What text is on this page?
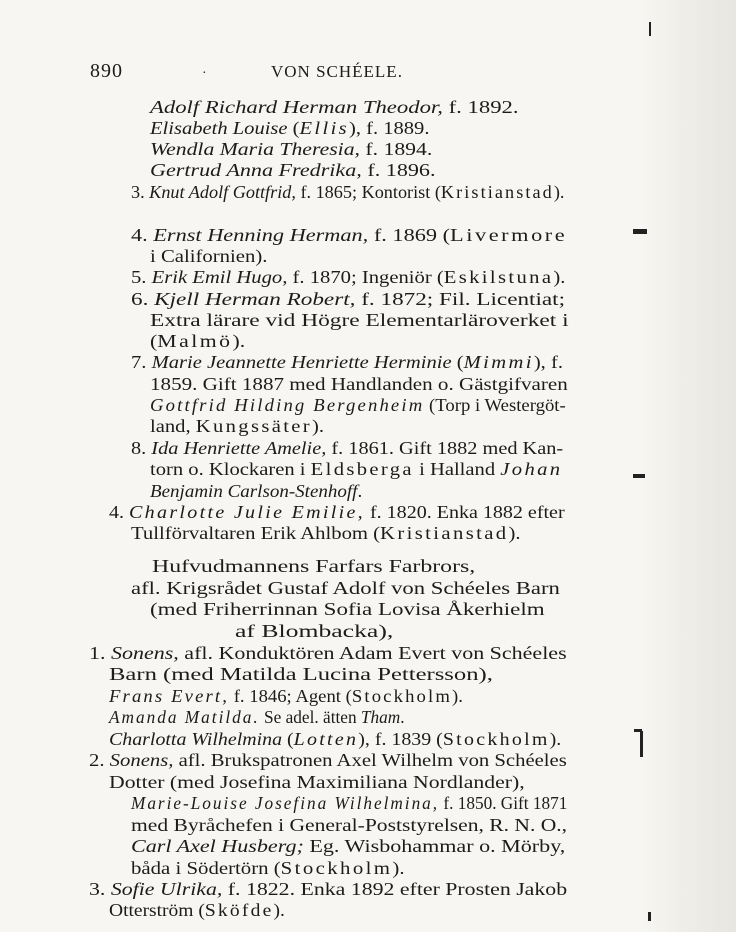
890	·	VON SCHÉELE.
Adolf Richard Herman Theodor, f. 1892.
Elisabeth Louise (Ellis), f. 1889.
Wendla Maria Theresia, f. 1894.
Gertrud Anna Fredrika, f. 1896.
3. Knut Adolf Gottfrid, f. 1865; Kontorist (Kristianstad).
4. Ernst Henning Herman, f. 1869 (Livermore
i Californien).
5. Erik Emil Hugo, f. 1870; Ingeniör (Eskilstuna).
6. Kjell Herman Robert, f. 1872; Fil. Licentiat;
Extra lärare vid Högre Elementarläroverket i
(Malmö).
7. Marie Jeannette Henriette Herminie (Mimmi), f.
1859. Gift 1887 med Handlanden o. Gästgifvaren
Gottfrid Hilding Bergenheim (Torp i Westergöt-
land, Kungssäter).
8. Ida Henriette Amelie, f. 1861. Gift 1882 med Kan-
torn o. Klockaren i Eldsberga i Halland Johan
Benjamin Carlson-Stenhoff.
4. Charlotte Julie Emilie, f. 1820. Enka 1882 efter
Tullförvaltaren Erik Ahlbom (Kristianstad).
Hufvudmannens Farfars Farbrors,
afl. Krigsrådet Gustaf Adolf von Schéeles Barn
(med Friherrinnan Sofia Lovisa Åkerhielm
af Blombacka),
1. Sonens, afl. Konduktören Adam Evert von Schéeles
Barn (med Matilda Lucina Pettersson),
Frans Evert, f. 1846; Agent (Stockholm).
Amanda Matilda. Se adel. ätten Tham.
Charlotta Wilhelmina (Lotten), f. 1839 (Stockholm).
2. Sonens, afl. Brukspatronen Axel Wilhelm von Schéeles
Dotter (med Josefina Maximiliana Nordlander),
Marie-Louise Josefina Wilhelmina, f. 1850. Gift 1871
med Byråchefen i General-Poststyrelsen, R. N. O.,
Carl Axel Husberg; Eg. Wisbohammar o. Mörby,
båda i Södertörn (Stockholm).
3. Sofie Ulrika, f. 1822. Enka 1892 efter Prosten Jakob
Otterström (Sköfde).
